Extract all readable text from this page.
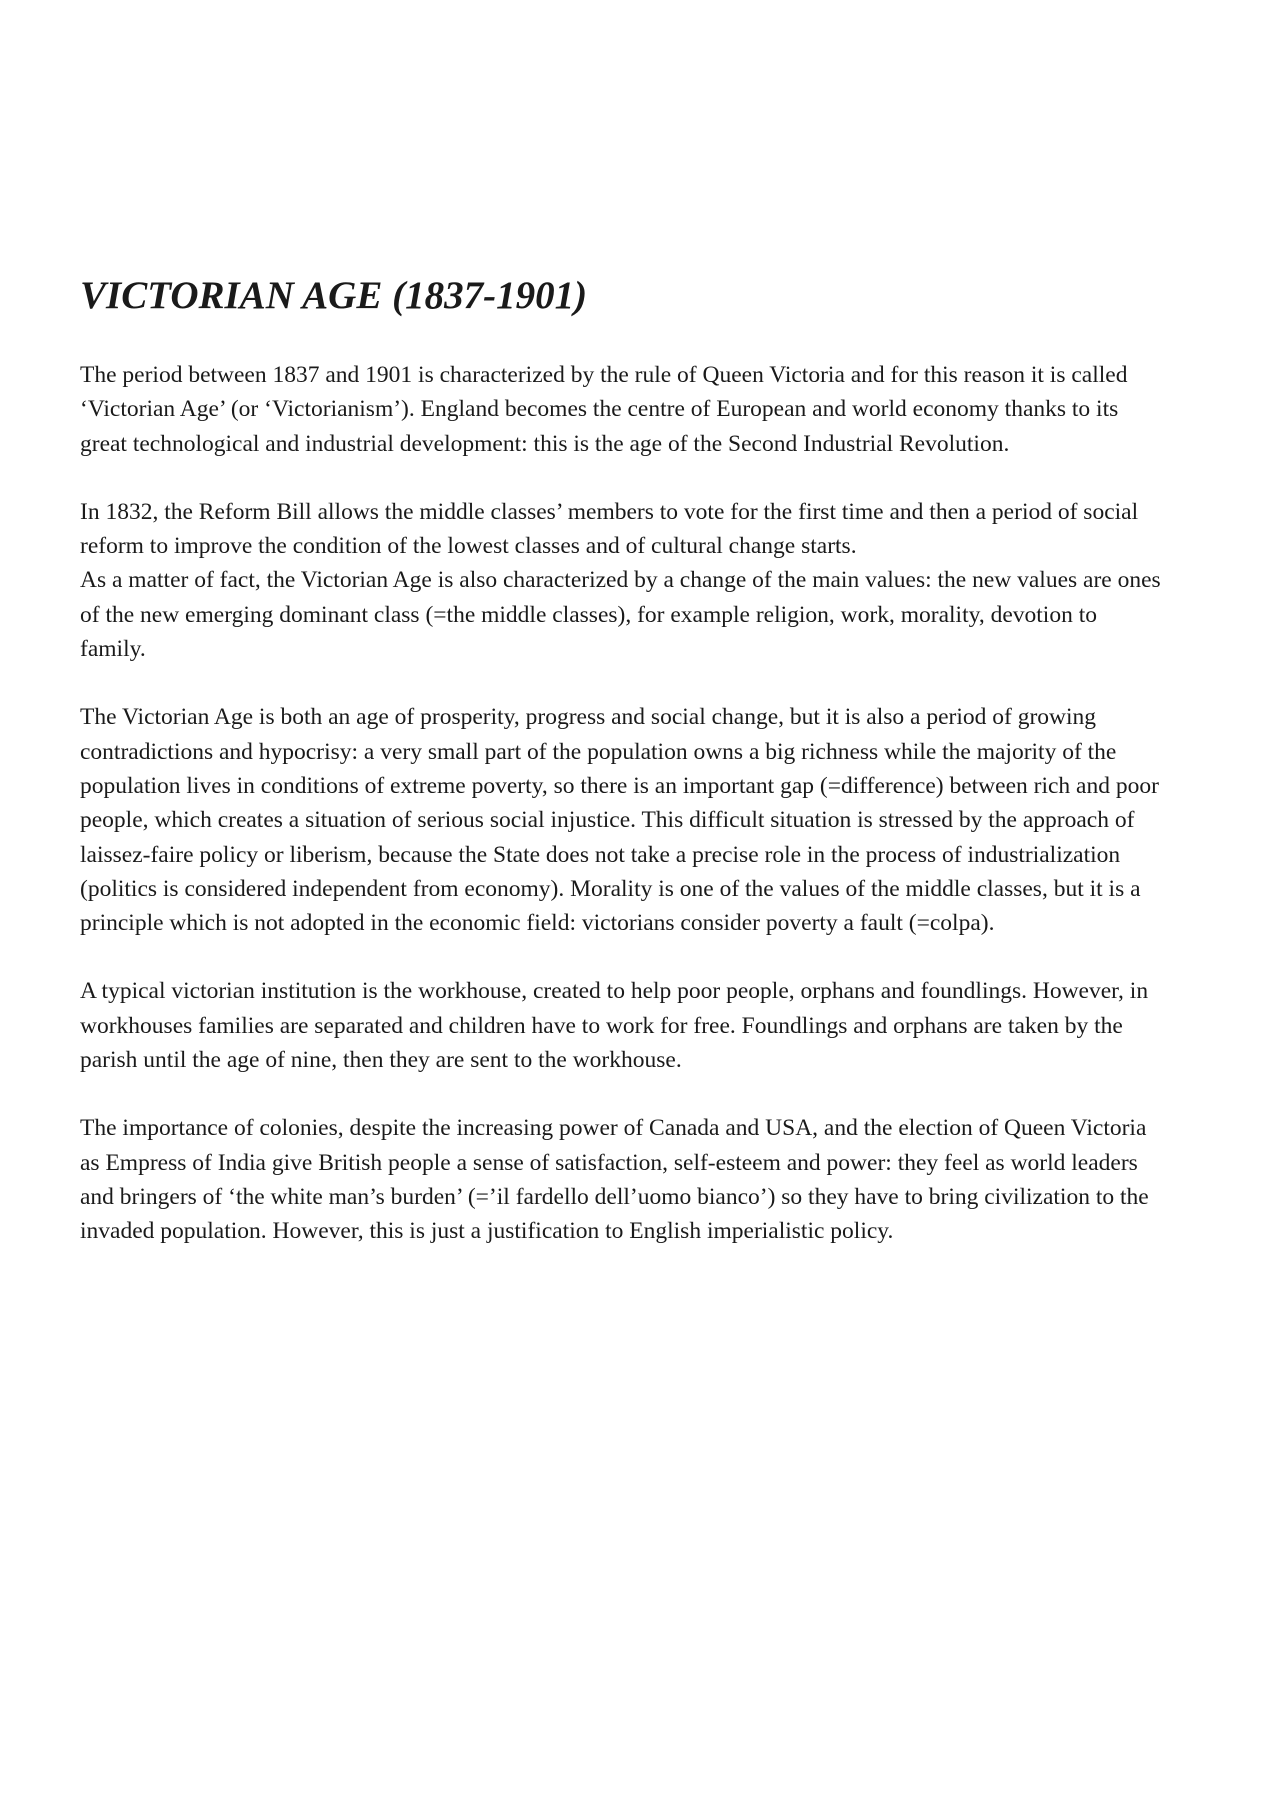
VICTORIAN AGE (1837-1901)

The period between 1837 and 1901 is characterized by the rule of Queen Victoria and for this reason it is called ‘Victorian Age’ (or ‘Victorianism’). England becomes the centre of European and world economy thanks to its great technological and industrial development: this is the age of the Second Industrial Revolution.

In 1832, the Reform Bill allows the middle classes’ members to vote for the first time and then a period of social reform to improve the condition of the lowest classes and of cultural change starts.

As a matter of fact, the Victorian Age is also characterized by a change of the main values: the new values are ones of the new emerging dominant class (=the middle classes), for example religion, work, morality, devotion to family.

The Victorian Age is both an age of prosperity, progress and social change, but it is also a period of growing contradictions and hypocrisy: a very small part of the population owns a big richness while the majority of the population lives in conditions of extreme poverty, so there is an important gap (=difference) between rich and poor people, which creates a situation of serious social injustice. This difficult situation is stressed by the approach of laissez-faire policy or liberism, because the State does not take a precise role in the process of industrialization (politics is considered independent from economy). Morality is one of the values of the middle classes, but it is a principle which is not adopted in the economic field: victorians consider poverty a fault (=colpa).

A typical victorian institution is the workhouse, created to help poor people, orphans and foundlings. However, in workhouses families are separated and children have to work for free. Foundlings and orphans are taken by the parish until the age of nine, then they are sent to the workhouse.

The importance of colonies, despite the increasing power of Canada and USA, and the election of Queen Victoria as Empress of India give British people a sense of satisfaction, self-esteem and power: they feel as world leaders and bringers of ‘the white man’s burden’ (=’il fardello dell’uomo bianco’) so they have to bring civilization to the invaded population. However, this is just a justification to English imperialistic policy.
